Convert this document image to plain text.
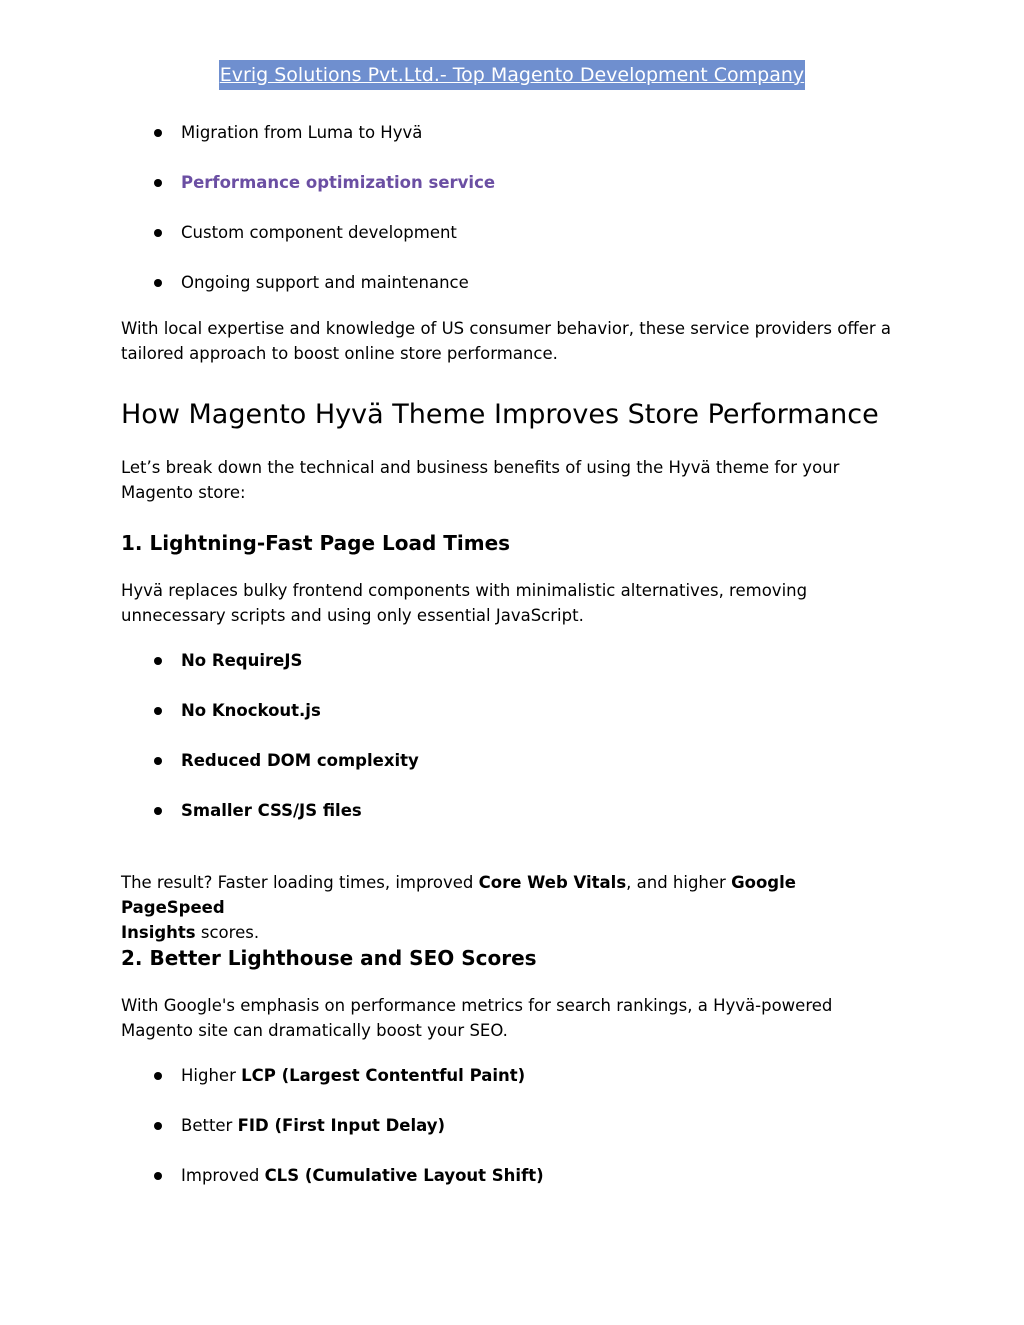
Evrig Solutions Pvt.Ltd.- Top Magento Development Company
Migration from Luma to Hyvä
Performance optimization service
Custom component development
Ongoing support and maintenance
With local expertise and knowledge of US consumer behavior, these service providers offer a
tailored approach to boost online store performance.
How Magento Hyvä Theme Improves Store Performance
Let’s break down the technical and business benefits of using the Hyvä theme for your
Magento store:
1. Lightning-Fast Page Load Times
Hyvä replaces bulky frontend components with minimalistic alternatives, removing
unnecessary scripts and using only essential JavaScript.
No RequireJS
No Knockout.js
Reduced DOM complexity
Smaller CSS/JS files
The result? Faster loading times, improved Core Web Vitals, and higher Google PageSpeed
Insights scores.
2. Better Lighthouse and SEO Scores
With Google's emphasis on performance metrics for search rankings, a Hyvä-powered
Magento site can dramatically boost your SEO.
Higher LCP (Largest Contentful Paint)
Better FID (First Input Delay)
Improved CLS (Cumulative Layout Shift)
